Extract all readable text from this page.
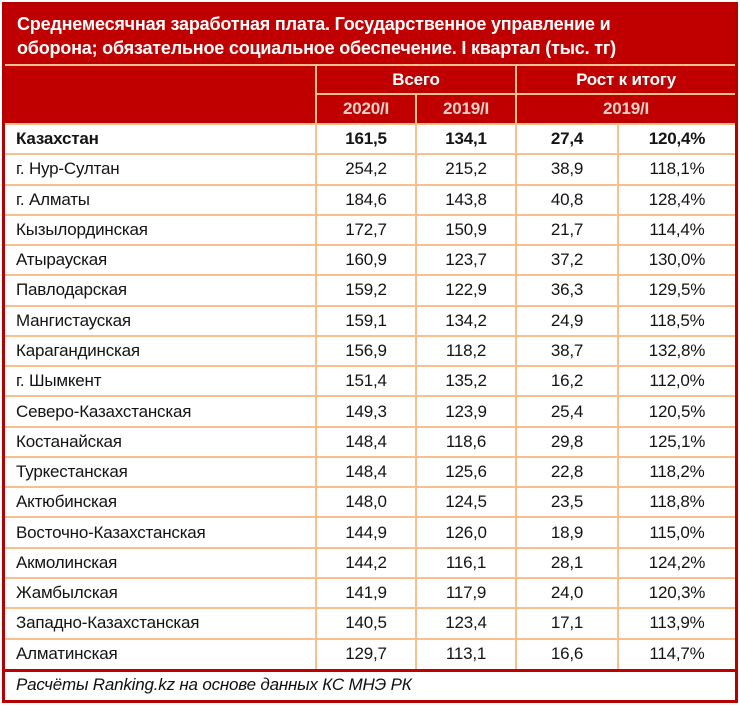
Среднемесячная заработная плата. Государственное управление и
оборона; обязательное социальное обеспечение. I квартал (тыс. тг)
	Всего		Рост к итогу	
	2020/I	2019/I	2019/I	
Казахстан	161,5	134,1	27,4	120,4%
г. Нур-Султан	254,2	215,2	38,9	118,1%
г. Алматы	184,6	143,8	40,8	128,4%
Кызылординская	172,7	150,9	21,7	114,4%
Атырауская	160,9	123,7	37,2	130,0%
Павлодарская	159,2	122,9	36,3	129,5%
Мангистауская	159,1	134,2	24,9	118,5%
Карагандинская	156,9	118,2	38,7	132,8%
г. Шымкент	151,4	135,2	16,2	112,0%
Северо-Казахстанская	149,3	123,9	25,4	120,5%
Костанайская	148,4	118,6	29,8	125,1%
Туркестанская	148,4	125,6	22,8	118,2%
Актюбинская	148,0	124,5	23,5	118,8%
Восточно-Казахстанская	144,9	126,0	18,9	115,0%
Акмолинская	144,2	116,1	28,1	124,2%
Жамбылская	141,9	117,9	24,0	120,3%
Западно-Казахстанская	140,5	123,4	17,1	113,9%
Алматинская	129,7	113,1	16,6	114,7%
Расчёты Ranking.kz на основе данных КС МНЭ РК
